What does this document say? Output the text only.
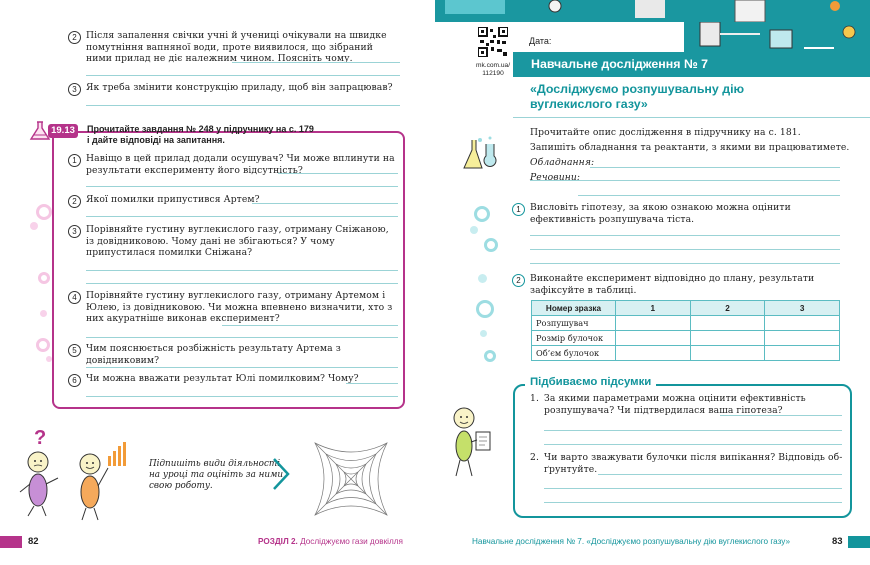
2	Після запалення свічки учні й учениці очікували на швидке помутніння вапняної води, проте виявилося, що зібраний ними прилад не діє належним чином. Поясніть чому.
3	Як треба змінити конструкцію приладу, щоб він запрацював?
19.13	Прочитайте завдання № 248 у підручнику на с. 179
і дайте відповіді на запитання.
1	Навіщо в цей прилад додали осушувач? Чи може вплинути на результати експерименту його відсутність?
2	Якої помилки припустився Артем?
3	Порівняйте густину вуглекислого газу, отриману Сніжаною, із довідниковою. Чому дані не збігаються? У чому припустилася помилки Сніжана?
4	Порівняйте густину вуглекислого газу, отриману Артемом і Юлею, із довідниковою. Чи можна впевнено визначити, хто з них акуратніше виконав експеримент?
5	Чим пояснюється розбіжність результату Артема з довідниковим?
6	Чи можна вважати результат Юлі помилковим? Чому?
?
Підпишіть види діяльності
на уроці та оцініть за ними
свою роботу.
82	РОЗДІЛ 2. Досліджуємо гази довкілля
mk.com.ua/
112190
Дата:
Навчальне дослідження № 7
«Досліджуємо розпушувальну дію
вуглекислого газу»
Прочитайте опис дослідження в підручнику на с. 181.
Запишіть обладнання та реактанти, з якими ви працюватимете.
Обладнання:
Речовини:
1	Висловіть гіпотезу, за якою ознакою можна оцінити ефективність розпушувача тіста.
2	Виконайте експеримент відповідно до плану, результати зафіксуйте в таблиці.
Номер зразка	1	2	3
Розпушувач			
Розмір булочок			
Об’єм булочок			
Підбиваємо підсумки
1. За якими параметрами можна оцінити ефективність розпушувача? Чи підтвердилася ваша гіпотеза?
2. Чи варто зважувати булочки після випікання? Відповідь обґрунтуйте.
Навчальне дослідження № 7. «Досліджуємо розпушувальну дію вуглекислого газу»	83
